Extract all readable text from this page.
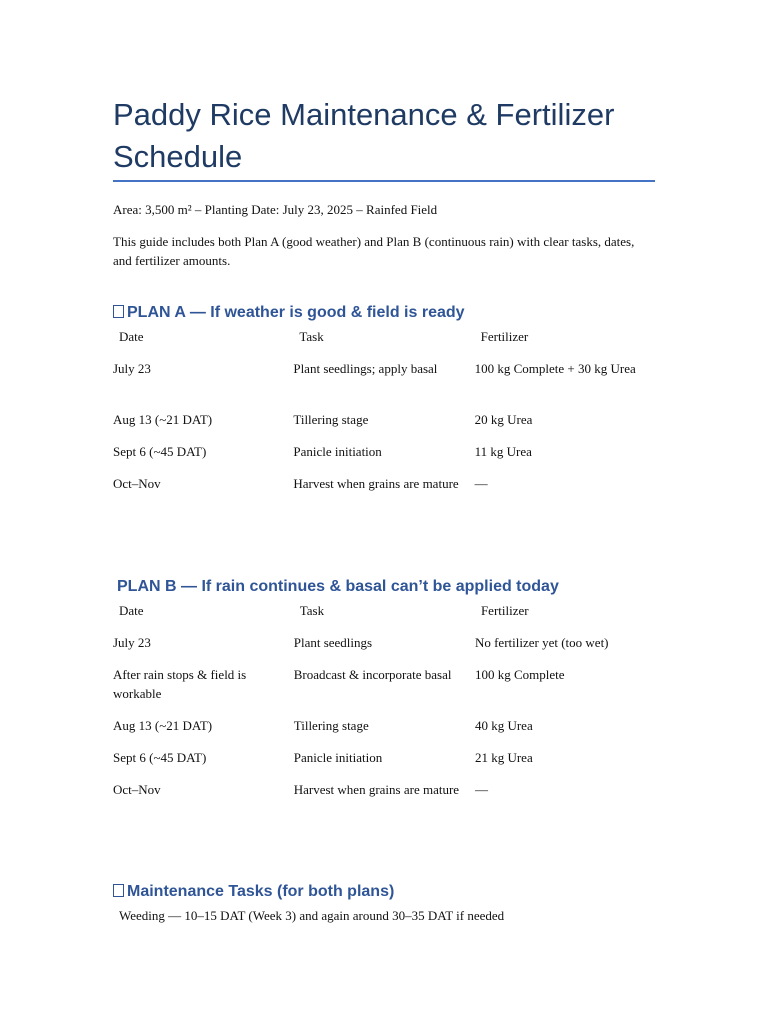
Paddy Rice Maintenance & Fertilizer Schedule

Area: 3,500 m² – Planting Date: July 23, 2025 – Rainfed Field

This guide includes both Plan A (good weather) and Plan B (continuous rain) with clear tasks, dates, and fertilizer amounts.

PLAN A — If weather is good & field is ready
Date	Task	Fertilizer
July 23	Plant seedlings; apply basal	100 kg Complete + 30 kg Urea
Aug 13 (~21 DAT)	Tillering stage	20 kg Urea
Sept 6 (~45 DAT)	Panicle initiation	11 kg Urea
Oct–Nov	Harvest when grains are mature	—
PLAN B — If rain continues & basal can’t be applied today
Date	Task	Fertilizer
July 23	Plant seedlings	No fertilizer yet (too wet)
After rain stops & field is workable	Broadcast & incorporate basal	100 kg Complete
Aug 13 (~21 DAT)	Tillering stage	40 kg Urea
Sept 6 (~45 DAT)	Panicle initiation	21 kg Urea
Oct–Nov	Harvest when grains are mature	—
Maintenance Tasks (for both plans)

Weeding — 10–15 DAT (Week 3) and again around 30–35 DAT if needed
